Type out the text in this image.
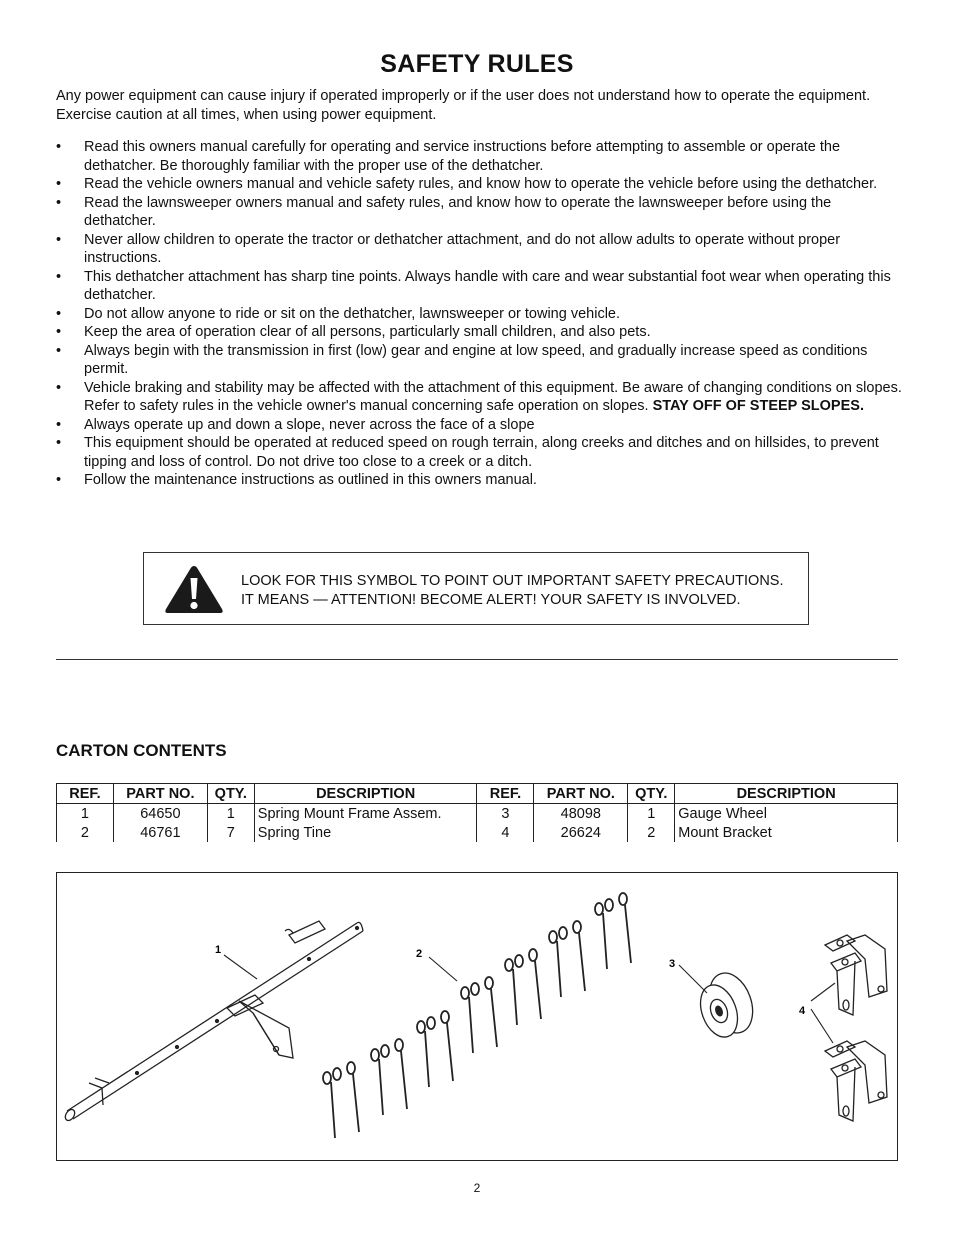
SAFETY RULES
Any power equipment can cause injury if operated improperly or if the user does not understand how to operate the equipment. Exercise caution at all times, when using power equipment.
• Read this owners manual carefully for operating and service instructions before attempting to assemble or operate the dethatcher. Be thoroughly familiar with the proper use of the dethatcher.
• Read the vehicle owners manual and vehicle safety rules, and know how to operate the vehicle before using the dethatcher.
• Read the lawnsweeper owners manual and safety rules, and know how to operate the lawnsweeper before using the dethatcher.
• Never allow children to operate the tractor or dethatcher attachment, and do not allow adults to operate without proper instructions.
• This dethatcher attachment has sharp tine points. Always handle with care and wear substantial foot wear when operating this dethatcher.
• Do not allow anyone to ride or sit on the dethatcher, lawnsweeper or towing vehicle.
• Keep the area of operation clear of all persons, particularly small children, and also pets.
• Always begin with the transmission in first (low) gear and engine at low speed, and gradually increase speed as conditions permit.
• Vehicle braking and stability may be affected with the attachment of this equipment. Be aware of changing conditions on slopes. Refer to safety rules in the vehicle owner's manual concerning safe operation on slopes. STAY OFF OF STEEP SLOPES.
• Always operate up and down a slope, never across the face of a slope
• This equipment should be operated at reduced speed on rough terrain, along creeks and ditches and on hillsides, to prevent tipping and loss of control. Do not drive too close to a creek or a ditch.
• Follow the maintenance instructions as outlined in this owners manual.
LOOK FOR THIS SYMBOL TO POINT OUT IMPORTANT SAFETY PRECAUTIONS.
IT MEANS — ATTENTION! BECOME ALERT! YOUR SAFETY IS INVOLVED.
CARTON CONTENTS
REF.	PART NO.	QTY.	DESCRIPTION	REF.	PART NO.	QTY.	DESCRIPTION
1	64650	1	Spring Mount Frame Assem.	3	48098	1	Gauge Wheel
2	46761	7	Spring Tine	4	26624	2	Mount Bracket
1	2
3
4
2
